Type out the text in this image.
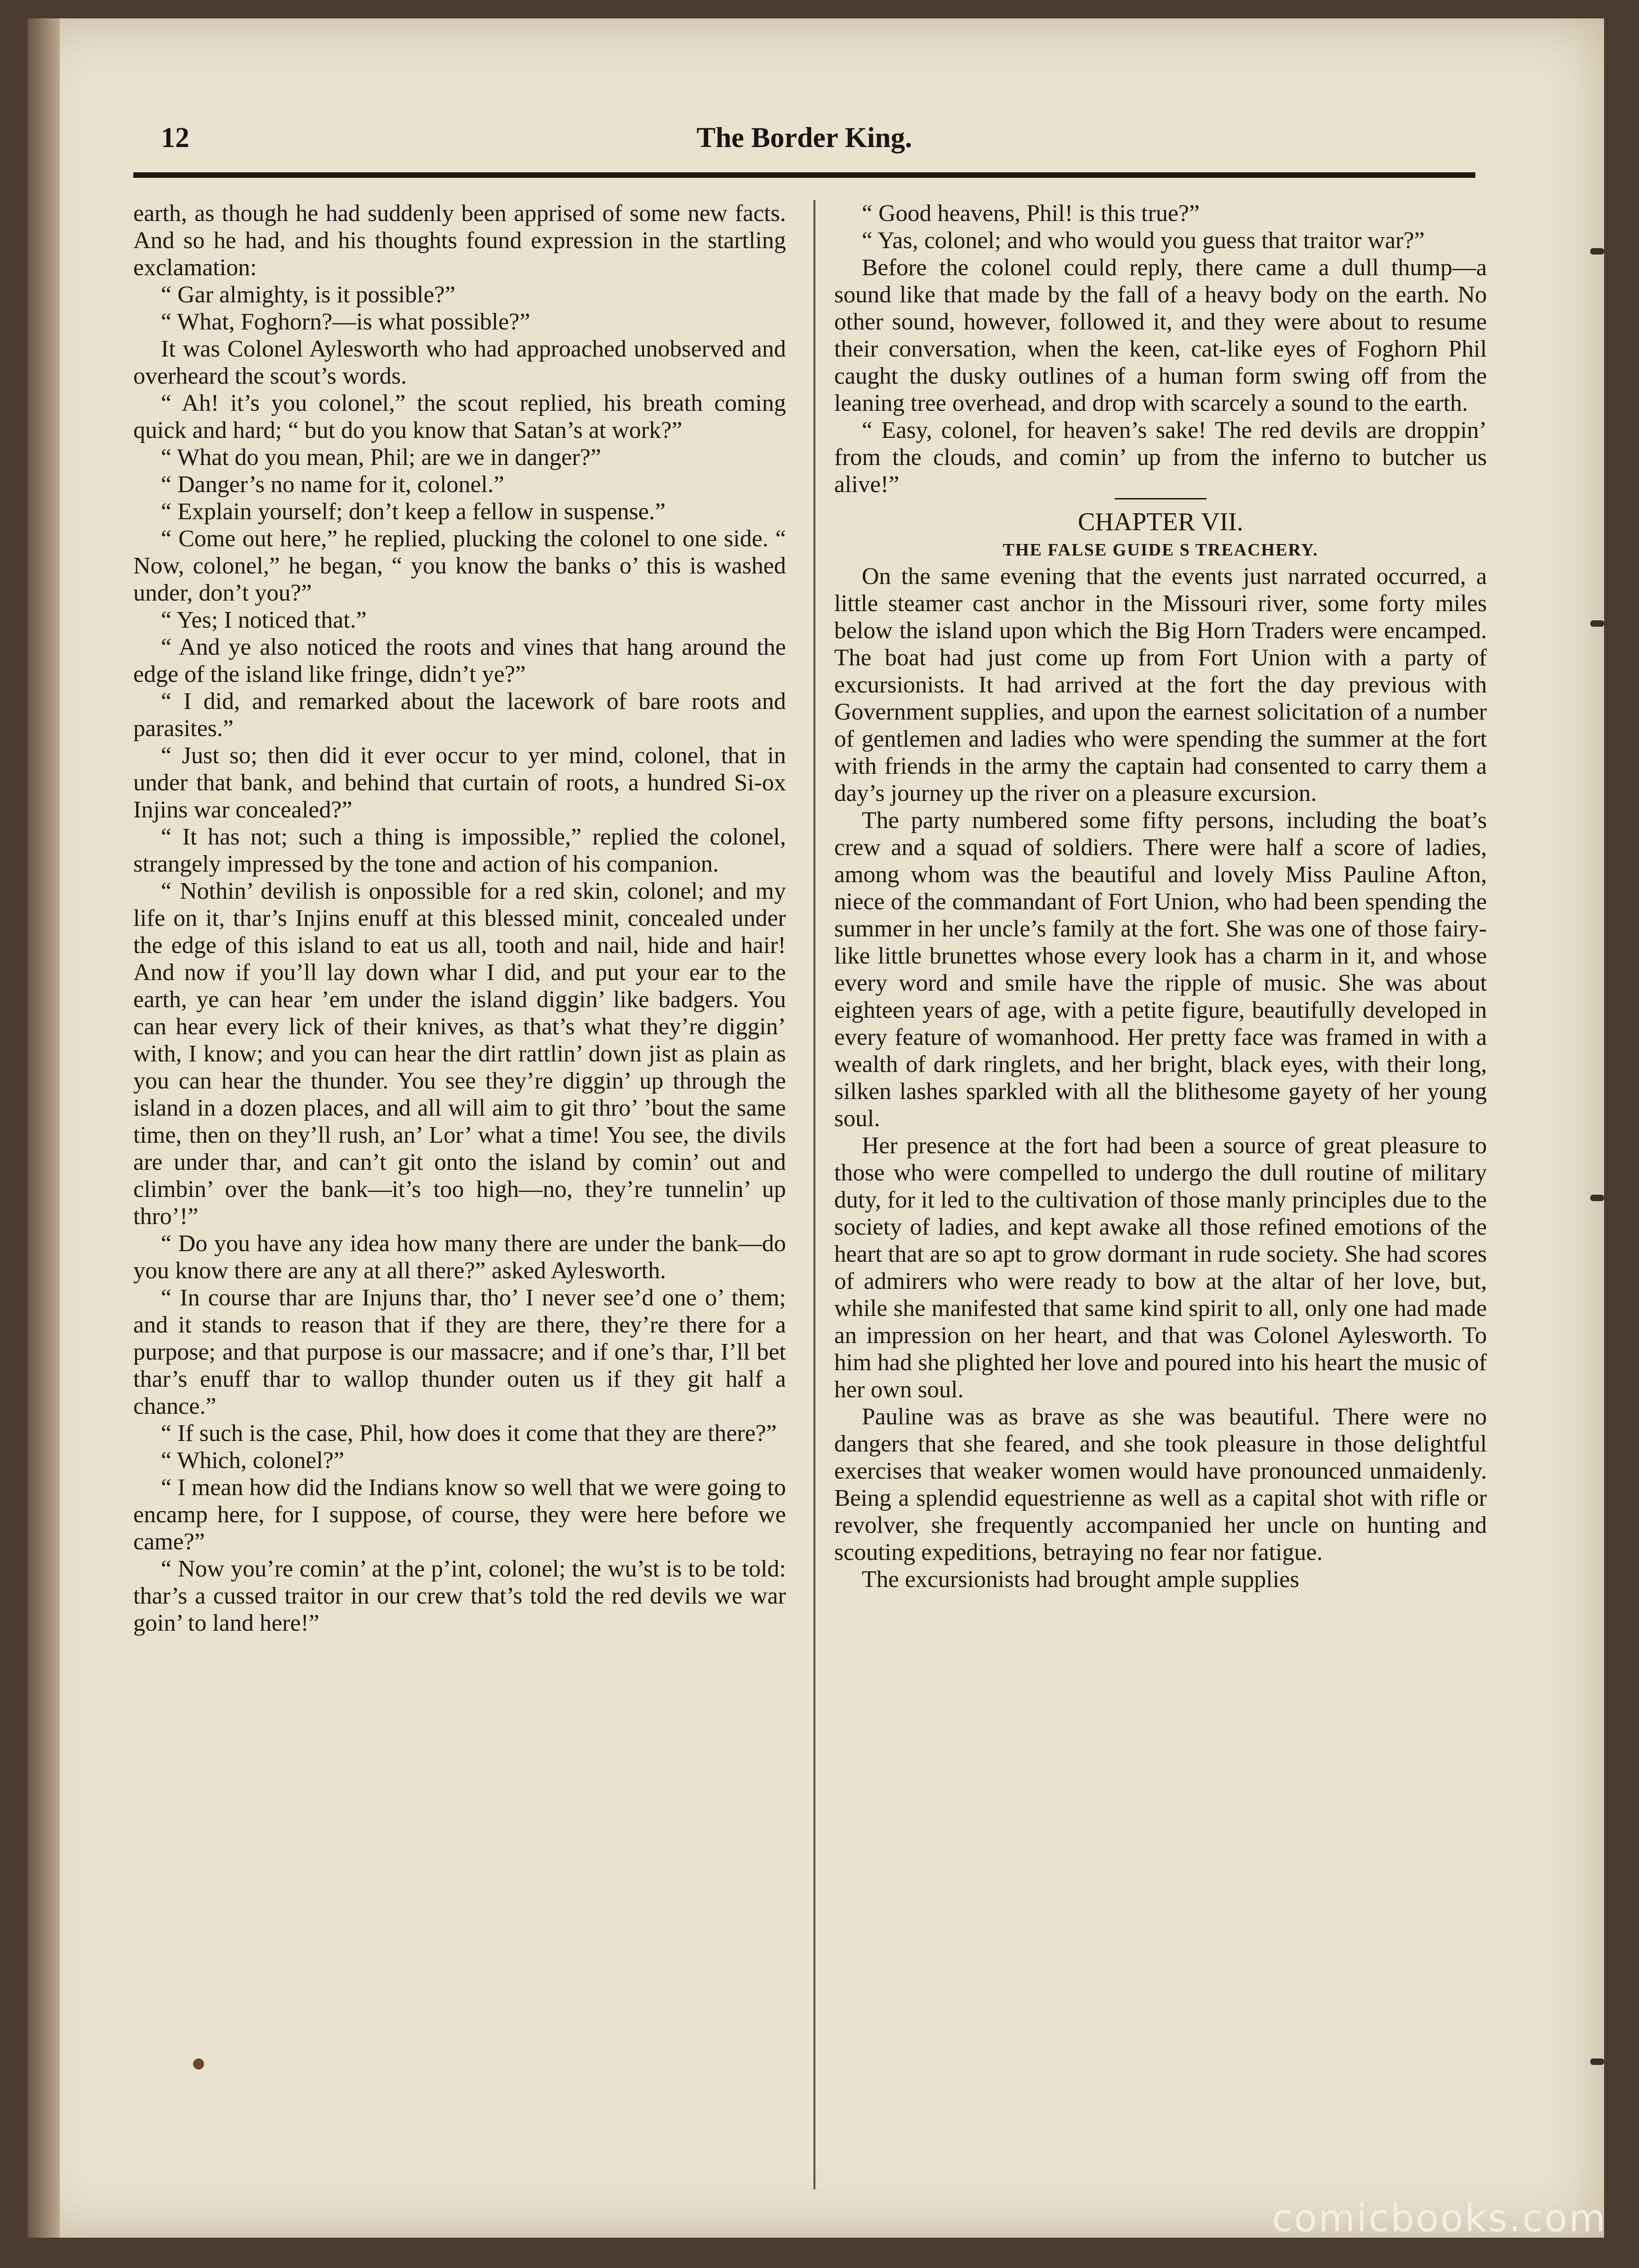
12	The Border King.

earth, as though he had suddenly been apprised of some new facts. And so he had, and his thoughts found expression in the startling exclamation:

“ Gar almighty, is it possible?”

“ What, Foghorn?—is what possible?”

It was Colonel Aylesworth who had approached unobserved and overheard the scout’s words.

“ Ah! it’s you colonel,” the scout replied, his breath coming quick and hard; “ but do you know that Satan’s at work?”

“ What do you mean, Phil; are we in danger?”

“ Danger’s no name for it, colonel.”

“ Explain yourself; don’t keep a fellow in suspense.”

“ Come out here,” he replied, plucking the colonel to one side. “ Now, colonel,” he began, “ you know the banks o’ this is washed under, don’t you?”

“ Yes; I noticed that.”

“ And ye also noticed the roots and vines that hang around the edge of the island like fringe, didn’t ye?”

“ I did, and remarked about the lacework of bare roots and parasites.”

“ Just so; then did it ever occur to yer mind, colonel, that in under that bank, and behind that curtain of roots, a hundred Si-ox Injins war concealed?”

“ It has not; such a thing is impossible,” replied the colonel, strangely impressed by the tone and action of his companion.

“ Nothin’ devilish is onpossible for a red skin, colonel; and my life on it, thar’s Injins enuff at this blessed minit, concealed under the edge of this island to eat us all, tooth and nail, hide and hair! And now if you’ll lay down whar I did, and put your ear to the earth, ye can hear ’em under the island diggin’ like badgers. You can hear every lick of their knives, as that’s what they’re diggin’ with, I know; and you can hear the dirt rattlin’ down jist as plain as you can hear the thunder. You see they’re diggin’ up through the island in a dozen places, and all will aim to git thro’ ’bout the same time, then on they’ll rush, an’ Lor’ what a time! You see, the divils are under thar, and can’t git onto the island by comin’ out and climbin’ over the bank—it’s too high—no, they’re tunnelin’ up thro’!”

“ Do you have any idea how many there are under the bank—do you know there are any at all there?” asked Aylesworth.

“ In course thar are Injuns thar, tho’ I never see’d one o’ them; and it stands to reason that if they are there, they’re there for a purpose; and that purpose is our massacre; and if one’s thar, I’ll bet thar’s enuff thar to wallop thunder outen us if they git half a chance.”

“ If such is the case, Phil, how does it come that they are there?”

“ Which, colonel?”

“ I mean how did the Indians know so well that we were going to encamp here, for I suppose, of course, they were here before we came?”

“ Now you’re comin’ at the p’int, colonel; the wu’st is to be told: thar’s a cussed traitor in our crew that’s told the red devils we war goin’ to land here!”

“ Good heavens, Phil! is this true?”

“ Yas, colonel; and who would you guess that traitor war?”

Before the colonel could reply, there came a dull thump—a sound like that made by the fall of a heavy body on the earth. No other sound, however, followed it, and they were about to resume their conversation, when the keen, cat-like eyes of Foghorn Phil caught the dusky outlines of a human form swing off from the leaning tree overhead, and drop with scarcely a sound to the earth.

“ Easy, colonel, for heaven’s sake! The red devils are droppin’ from the clouds, and comin’ up from the inferno to butcher us alive!”

CHAPTER VII.

THE FALSE GUIDE S TREACHERY.

On the same evening that the events just narrated occurred, a little steamer cast anchor in the Missouri river, some forty miles below the island upon which the Big Horn Traders were encamped. The boat had just come up from Fort Union with a party of excursionists. It had arrived at the fort the day previous with Government supplies, and upon the earnest solicitation of a number of gentlemen and ladies who were spending the summer at the fort with friends in the army the captain had consented to carry them a day’s journey up the river on a pleasure excursion.

The party numbered some fifty persons, including the boat’s crew and a squad of soldiers. There were half a score of ladies, among whom was the beautiful and lovely Miss Pauline Afton, niece of the commandant of Fort Union, who had been spending the summer in her uncle’s family at the fort. She was one of those fairy-like little brunettes whose every look has a charm in it, and whose every word and smile have the ripple of music. She was about eighteen years of age, with a petite figure, beautifully developed in every feature of womanhood. Her pretty face was framed in with a wealth of dark ringlets, and her bright, black eyes, with their long, silken lashes sparkled with all the blithesome gayety of her young soul.

Her presence at the fort had been a source of great pleasure to those who were compelled to undergo the dull routine of military duty, for it led to the cultivation of those manly principles due to the society of ladies, and kept awake all those refined emotions of the heart that are so apt to grow dormant in rude society. She had scores of admirers who were ready to bow at the altar of her love, but, while she manifested that same kind spirit to all, only one had made an impression on her heart, and that was Colonel Aylesworth. To him had she plighted her love and poured into his heart the music of her own soul.

Pauline was as brave as she was beautiful. There were no dangers that she feared, and she took pleasure in those delightful exercises that weaker women would have pronounced unmaidenly. Being a splendid equestrienne as well as a capital shot with rifle or revolver, she frequently accompanied her uncle on hunting and scouting expeditions, betraying no fear nor fatigue.

The excursionists had brought ample supplies

comicbooks.com
